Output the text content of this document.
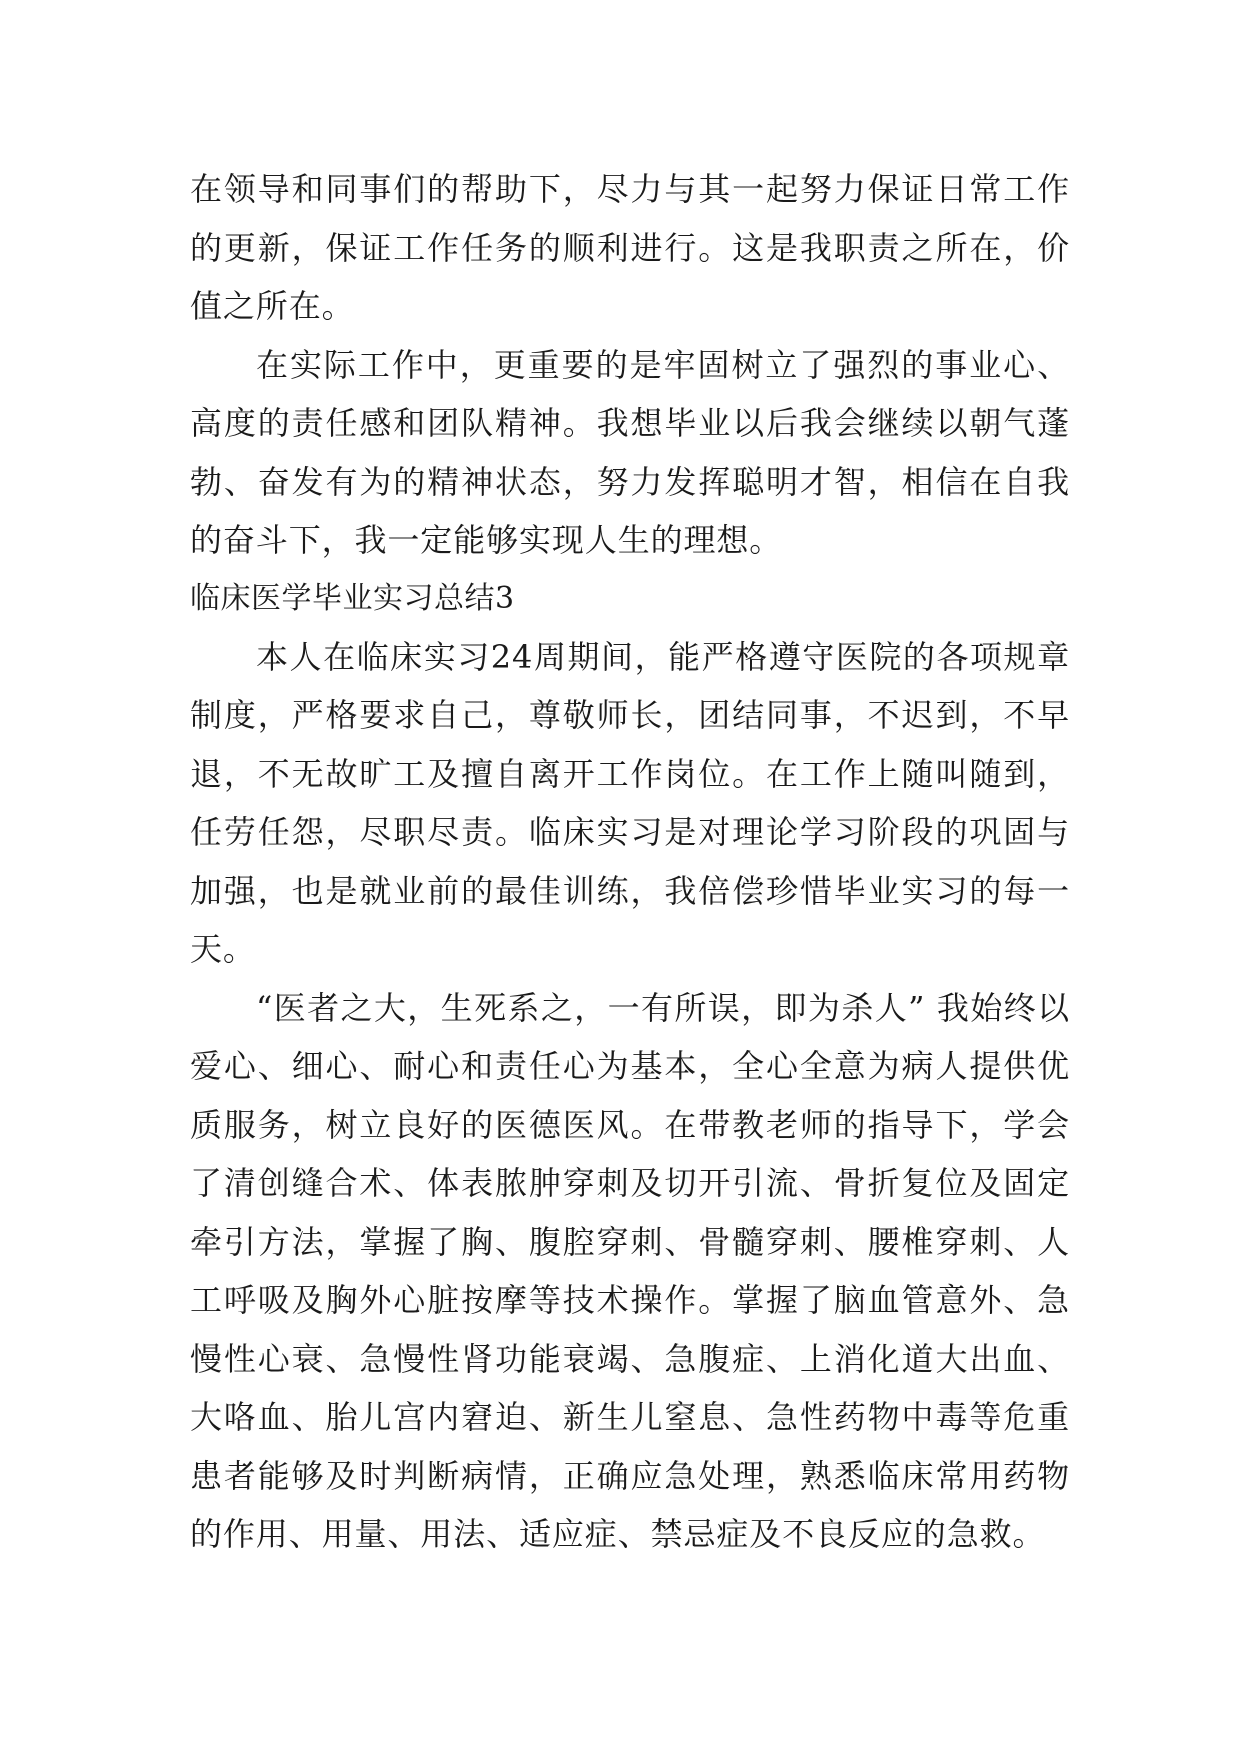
在领导和同事们的帮助下，尽力与其一起努力保证日常工作的更新，保证工作任务的顺利进行。这是我职责之所在，价值之所在。

在实际工作中，更重要的是牢固树立了强烈的事业心、高度的责任感和团队精神。我想毕业以后我会继续以朝气蓬勃、奋发有为的精神状态，努力发挥聪明才智，相信在自我的奋斗下，我一定能够实现人生的理想。

临床医学毕业实习总结3

本人在临床实习24周期间，能严格遵守医院的各项规章制度，严格要求自己，尊敬师长，团结同事，不迟到，不早退，不无故旷工及擅自离开工作岗位。在工作上随叫随到，任劳任怨，尽职尽责。临床实习是对理论学习阶段的巩固与加强，也是就业前的最佳训练，我倍偿珍惜毕业实习的每一天。

“医者之大，生死系之，一有所误，即为杀人” 我始终以爱心、细心、耐心和责任心为基本，全心全意为病人提供优质服务，树立良好的医德医风。在带教老师的指导下，学会了清创缝合术、体表脓肿穿刺及切开引流、骨折复位及固定牵引方法，掌握了胸、腹腔穿刺、骨髓穿刺、腰椎穿刺、人工呼吸及胸外心脏按摩等技术操作。掌握了脑血管意外、急慢性心衰、急慢性肾功能衰竭、急腹症、上消化道大出血、大咯血、胎儿宫内窘迫、新生儿窒息、急性药物中毒等危重患者能够及时判断病情，正确应急处理，熟悉临床常用药物的作用、用量、用法、适应症、禁忌症及不良反应的急救。
